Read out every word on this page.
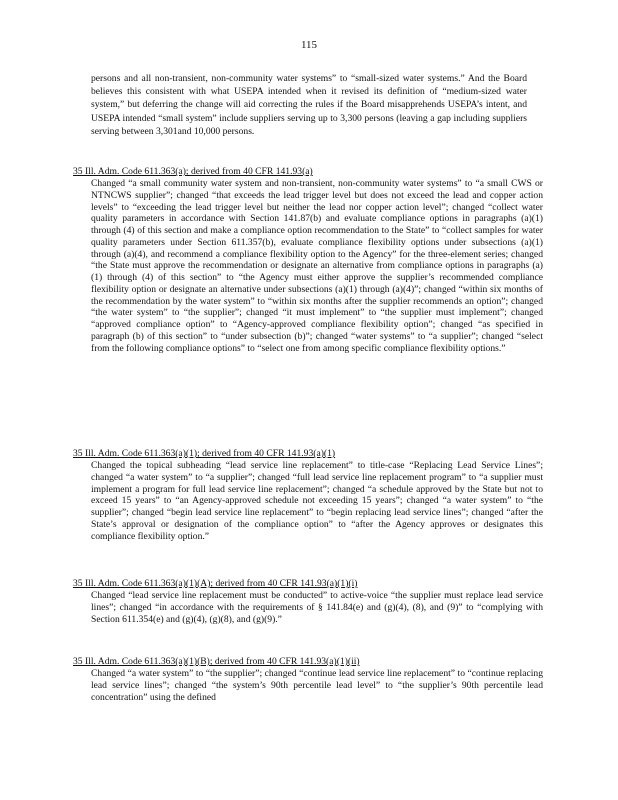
115

persons and all non-transient, non-community water systems” to “small-sized water systems.” And the Board believes this consistent with what USEPA intended when it revised its definition of “medium-sized water system,” but deferring the change will aid correcting the rules if the Board misapprehends USEPA’s intent, and USEPA intended “small system” include suppliers serving up to 3,300 persons (leaving a gap including suppliers serving between 3,301and 10,000 persons.

35 Ill. Adm. Code 611.363(a); derived from 40 CFR 141.93(a)

Changed “a small community water system and non-transient, non-community water systems” to “a small CWS or NTNCWS supplier”; changed “that exceeds the lead trigger level but does not exceed the lead and copper action levels” to “exceeding the lead trigger level but neither the lead nor copper action level”; changed “collect water quality parameters in accordance with Section 141.87(b) and evaluate compliance options in paragraphs (a)(1) through (4) of this section and make a compliance option recommendation to the State” to “collect samples for water quality parameters under Section 611.357(b), evaluate compliance flexibility options under subsections (a)(1) through (a)(4), and recommend a compliance flexibility option to the Agency” for the three-element series; changed “the State must approve the recommendation or designate an alternative from compliance options in paragraphs (a)(1) through (4) of this section” to “the Agency must either approve the supplier’s recommended compliance flexibility option or designate an alternative under subsections (a)(1) through (a)(4)”; changed “within six months of the recommendation by the water system” to “within six months after the supplier recommends an option”; changed “the water system” to “the supplier”; changed “it must implement” to “the supplier must implement”; changed “approved compliance option” to “Agency-approved compliance flexibility option”; changed “as specified in paragraph (b) of this section” to “under subsection (b)”; changed “water systems” to “a supplier”; changed “select from the following compliance options” to “select one from among specific compliance flexibility options.”

35 Ill. Adm. Code 611.363(a)(1); derived from 40 CFR 141.93(a)(1)

Changed the topical subheading “lead service line replacement” to title-case “Replacing Lead Service Lines”; changed “a water system” to “a supplier”; changed “full lead service line replacement program” to “a supplier must implement a program for full lead service line replacement”; changed “a schedule approved by the State but not to exceed 15 years” to “an Agency-approved schedule not exceeding 15 years”; changed “a water system” to “the supplier”; changed “begin lead service line replacement” to “begin replacing lead service lines”; changed “after the State’s approval or designation of the compliance option” to “after the Agency approves or designates this compliance flexibility option.”

35 Ill. Adm. Code 611.363(a)(1)(A); derived from 40 CFR 141.93(a)(1)(i)

Changed “lead service line replacement must be conducted” to active-voice “the supplier must replace lead service lines”; changed “in accordance with the requirements of § 141.84(e) and (g)(4), (8), and (9)” to “complying with Section 611.354(e) and (g)(4), (g)(8), and (g)(9).”

35 Ill. Adm. Code 611.363(a)(1)(B); derived from 40 CFR 141.93(a)(1)(ii)

Changed “a water system” to “the supplier”; changed “continue lead service line replacement” to “continue replacing lead service lines”; changed “the system’s 90th percentile lead level” to “the supplier’s 90th percentile lead concentration” using the defined
